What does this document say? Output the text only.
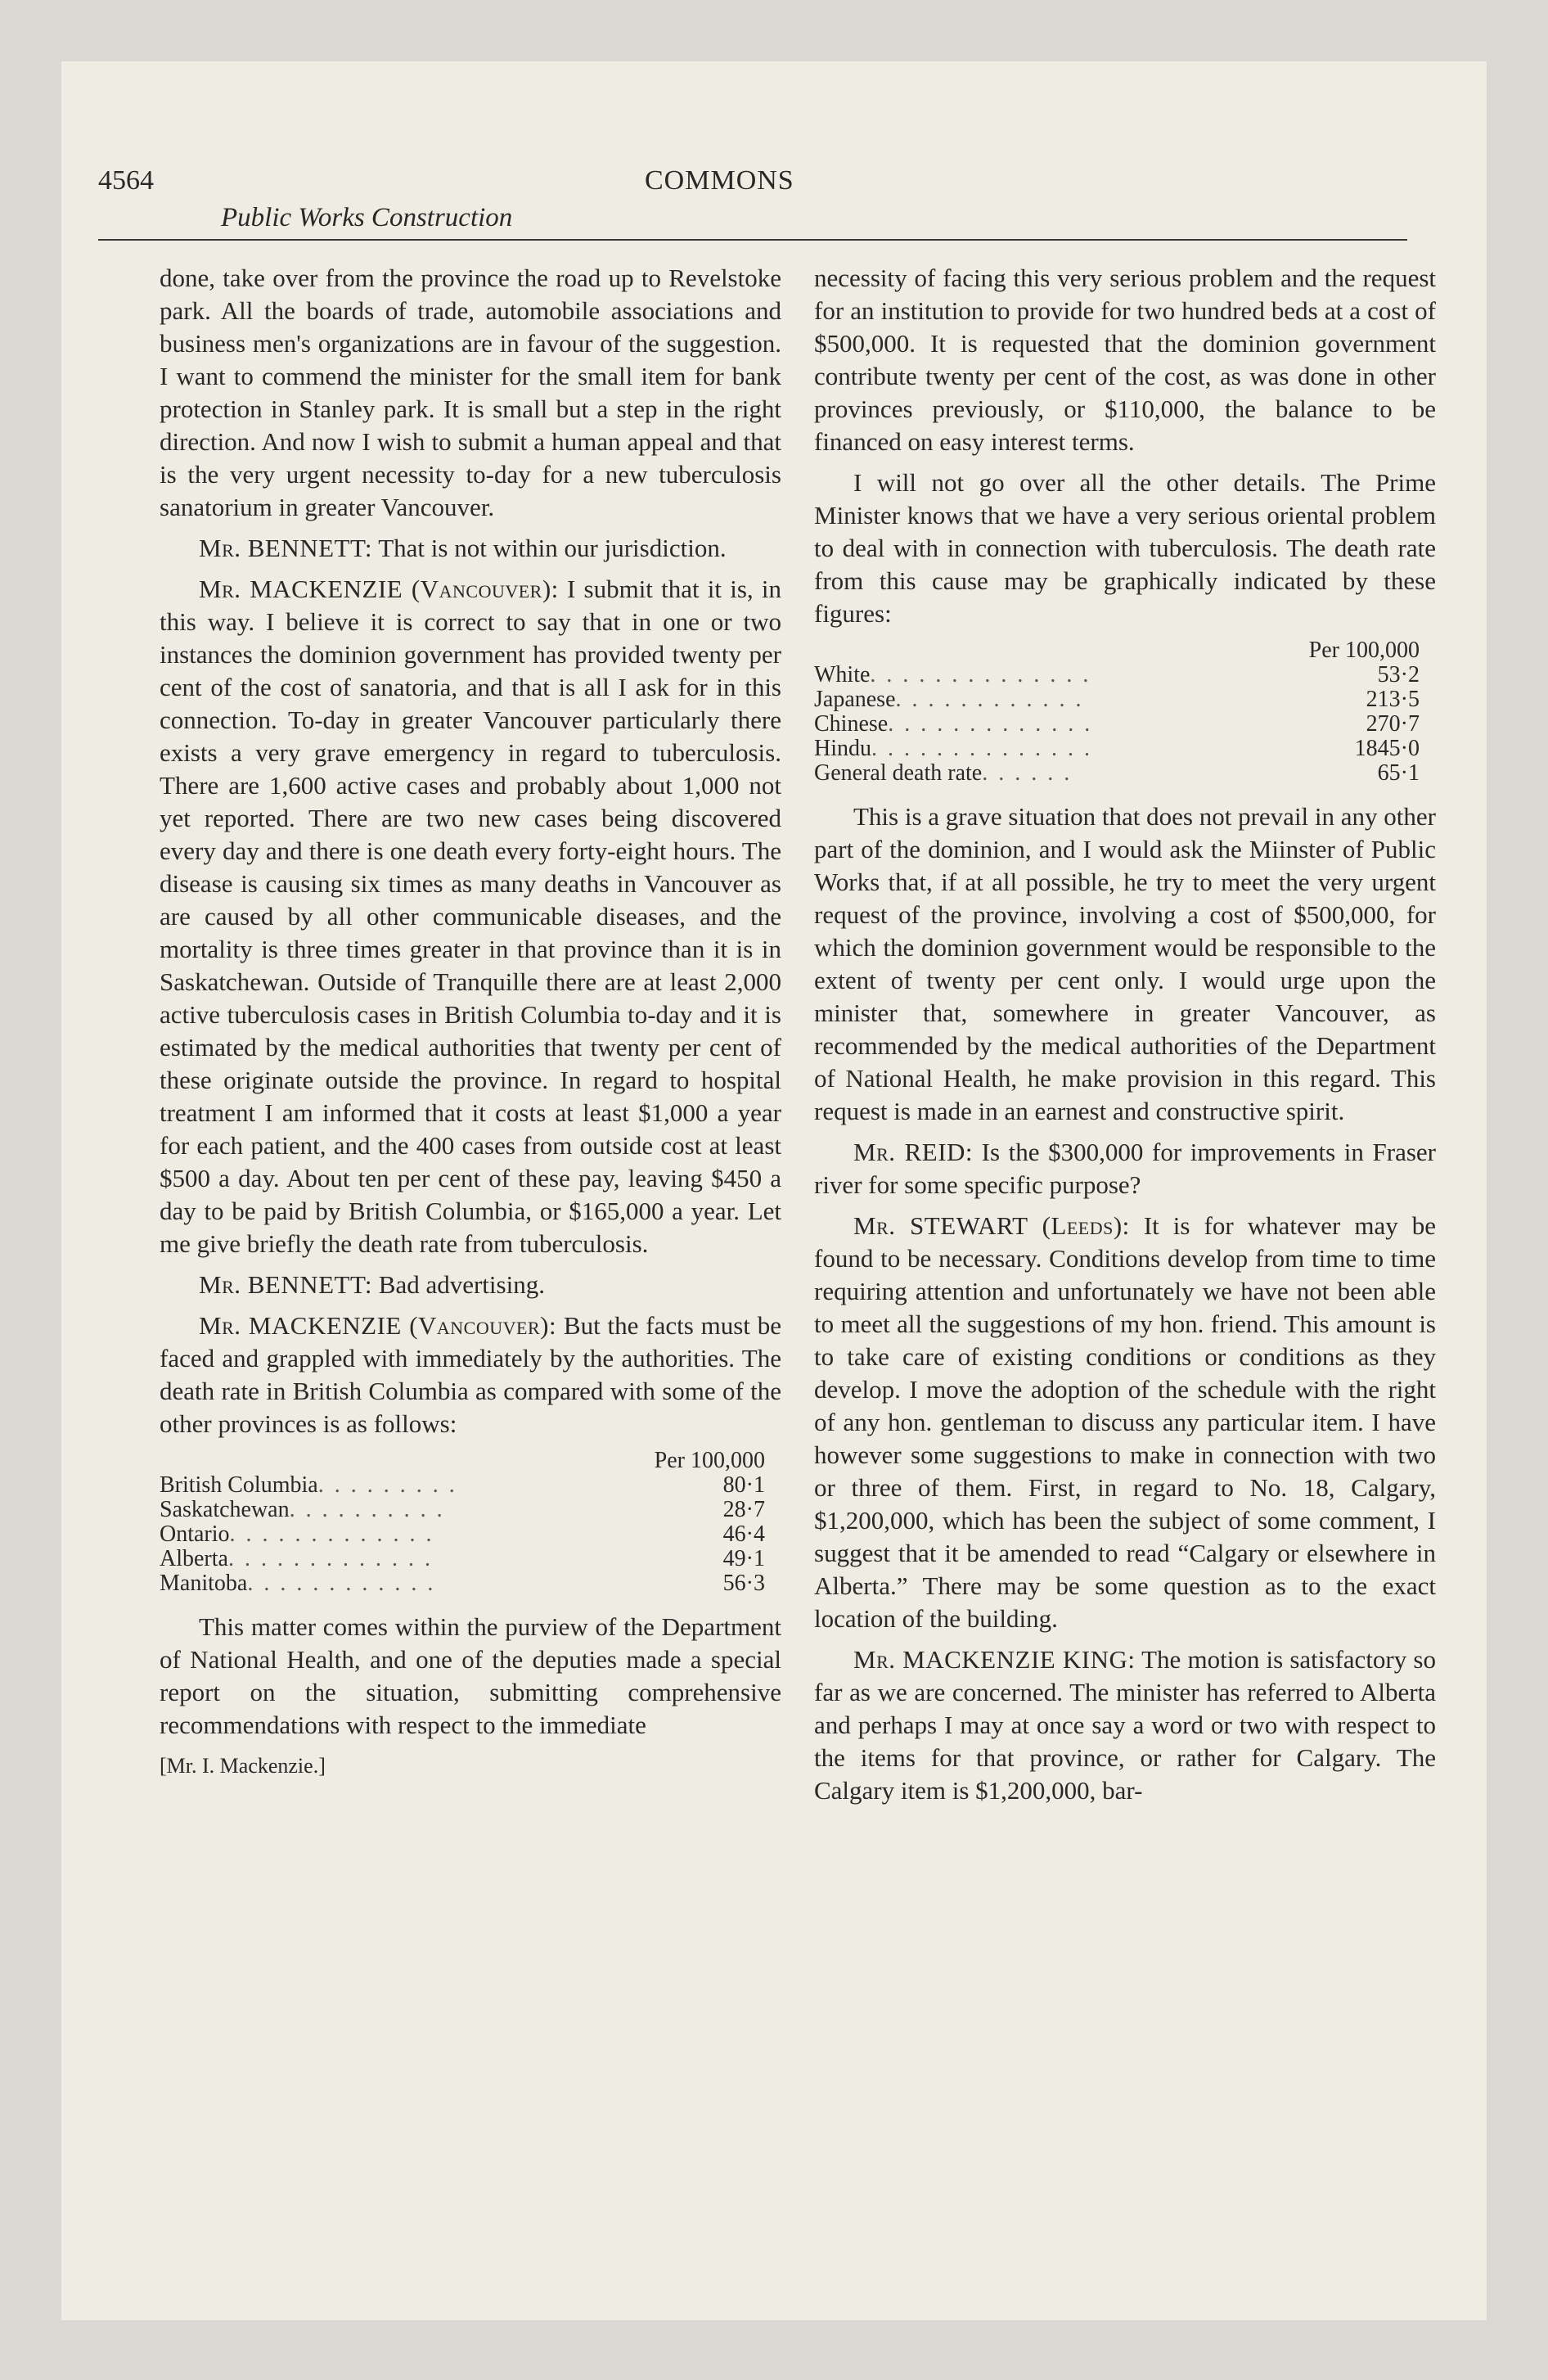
4564	COMMONS
Public Works Construction

done, take over from the province the road up to Revelstoke park. All the boards of trade, automobile associations and business men's organizations are in favour of the suggestion. I want to commend the minister for the small item for bank protection in Stanley park. It is small but a step in the right direction. And now I wish to submit a human appeal and that is the very urgent necessity to-day for a new tuberculosis sanatorium in greater Vancouver.

Mr. BENNETT: That is not within our jurisdiction.

Mr. MACKENZIE (Vancouver): I submit that it is, in this way. I believe it is correct to say that in one or two instances the dominion government has provided twenty per cent of the cost of sanatoria, and that is all I ask for in this connection. To-day in greater Vancouver particularly there exists a very grave emergency in regard to tuberculosis. There are 1,600 active cases and probably about 1,000 not yet reported. There are two new cases being discovered every day and there is one death every forty-eight hours. The disease is causing six times as many deaths in Vancouver as are caused by all other communicable diseases, and the mortality is three times greater in that province than it is in Saskatchewan. Outside of Tranquille there are at least 2,000 active tuberculosis cases in British Columbia to-day and it is estimated by the medical authorities that twenty per cent of these originate outside the province. In regard to hospital treatment I am informed that it costs at least $1,000 a year for each patient, and the 400 cases from outside cost at least $500 a day. About ten per cent of these pay, leaving $450 a day to be paid by British Columbia, or $165,000 a year. Let me give briefly the death rate from tuberculosis.

Mr. BENNETT: Bad advertising.

Mr. MACKENZIE (Vancouver): But the facts must be faced and grappled with immediately by the authorities. The death rate in British Columbia as compared with some of the other provinces is as follows:

Per 100,000	
British Columbia. . . . . . . . .	80·1
Saskatchewan. . . . . . . . . .	28·7
Ontario. . . . . . . . . . . . .	46·4
Alberta. . . . . . . . . . . . .	49·1
Manitoba. . . . . . . . . . . .	56·3

This matter comes within the purview of the Department of National Health, and one of the deputies made a special report on the situation, submitting comprehensive recommendations with respect to the immediate

[Mr. I. Mackenzie.]

necessity of facing this very serious problem and the request for an institution to provide for two hundred beds at a cost of $500,000. It is requested that the dominion government contribute twenty per cent of the cost, as was done in other provinces previously, or $110,000, the balance to be financed on easy interest terms.

I will not go over all the other details. The Prime Minister knows that we have a very serious oriental problem to deal with in connection with tuberculosis. The death rate from this cause may be graphically indicated by these figures:

Per 100,000	
White. . . . . . . . . . . . . .	53·2
Japanese. . . . . . . . . . . .	213·5
Chinese. . . . . . . . . . . . .	270·7
Hindu. . . . . . . . . . . . . .	1845·0
General death rate. . . . . .	65·1

This is a grave situation that does not prevail in any other part of the dominion, and I would ask the Miinster of Public Works that, if at all possible, he try to meet the very urgent request of the province, involving a cost of $500,000, for which the dominion government would be responsible to the extent of twenty per cent only. I would urge upon the minister that, somewhere in greater Vancouver, as recommended by the medical authorities of the Department of National Health, he make provision in this regard. This request is made in an earnest and constructive spirit.

Mr. REID: Is the $300,000 for improvements in Fraser river for some specific purpose?

Mr. STEWART (Leeds): It is for whatever may be found to be necessary. Conditions develop from time to time requiring attention and unfortunately we have not been able to meet all the suggestions of my hon. friend. This amount is to take care of existing conditions or conditions as they develop. I move the adoption of the schedule with the right of any hon. gentleman to discuss any particular item. I have however some suggestions to make in connection with two or three of them. First, in regard to No. 18, Calgary, $1,200,000, which has been the subject of some comment, I suggest that it be amended to read “Calgary or elsewhere in Alberta.” There may be some question as to the exact location of the building.

Mr. MACKENZIE KING: The motion is satisfactory so far as we are concerned. The minister has referred to Alberta and perhaps I may at once say a word or two with respect to the items for that province, or rather for Calgary. The Calgary item is $1,200,000, bar-
